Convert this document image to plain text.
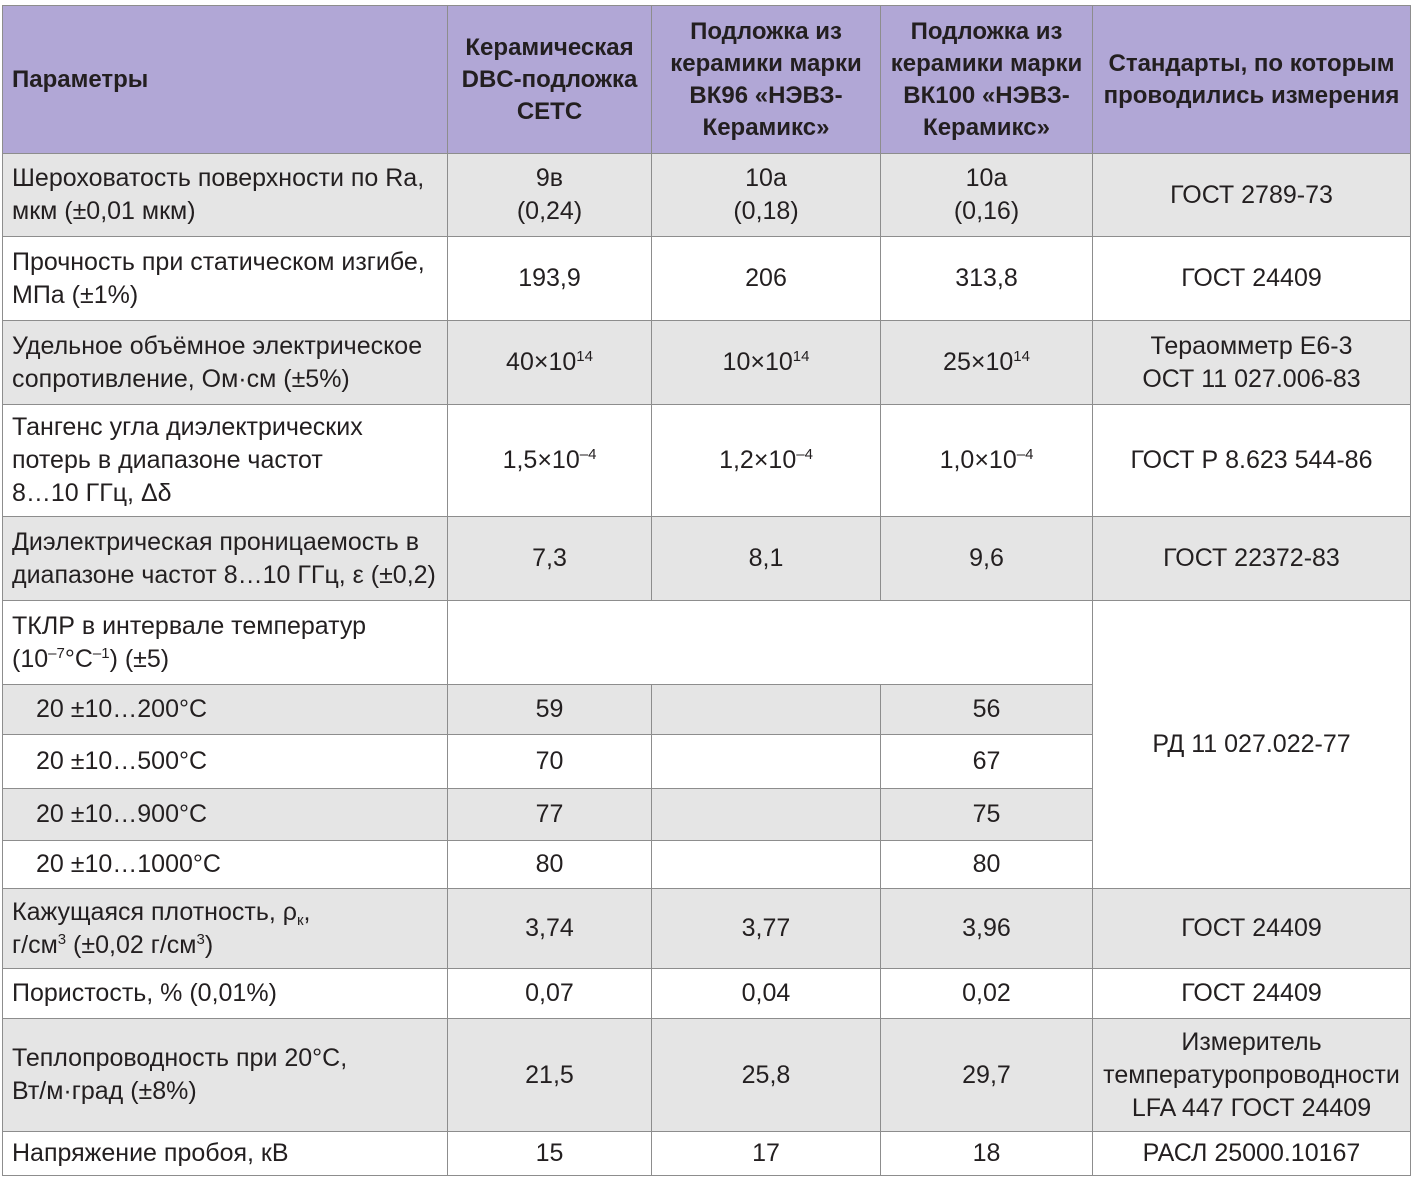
Параметры	Керамическая
DBC-подложка
CETC	Подложка из
керамики марки
ВК96 «НЭВЗ-
Керамикс»	Подложка из
керамики марки
ВК100 «НЭВЗ-
Керамикс»	Стандарты, по которым
проводились измерения

Шероховатость поверхности по Ra,
мкм (±0,01 мкм)	9в
(0,24)	10а
(0,18)	10а
(0,16)	ГОСТ 2789-73

Прочность при статическом изгибе,
МПа (±1%)	193,9	206	313,8	ГОСТ 24409

Удельное объёмное электрическое
сопротивление, Ом·см (±5%)	$40\times 10^{14}$	$10\times 10^{14}$	$25\times 10^{14}$	Тераомметр Е6-3
ОСТ 11 027.006-83

Тангенс угла диэлектрических
потерь в диапазоне частот
8…10 ГГц, Δδ	$1,5\times 10^{-4}$	$1,2\times 10^{-4}$	$1,0\times 10^{-4}$	ГОСТ Р 8.623 544-86

Диэлектрическая проницаемость в
диапазоне частот 8…10 ГГц, ε (±0,2)	7,3	8,1	9,6	ГОСТ 22372-83

ТКЛР в интервале температур
$(10^{-7}^\circ С^{-1})$ (±5)				РД 11 027.022-77
20 ±10…200°С	59		56	
20 ±10…500°С	70		67	
20 ±10…900°С	77		75	
20 ±10…1000°С	80		80	

Кажущаяся плотность, $\rho_к$,
$г/см^3$ (±0,02 $г/см^3$)	3,74	3,77	3,96	ГОСТ 24409
Пористость, % (0,01%)	0,07	0,04	0,02	ГОСТ 24409

Теплопроводность при 20°С,
Вт/м·град (±8%)	21,5	25,8	29,7	Измеритель
температуропроводности
LFA 447 ГОСТ 24409

Напряжение пробоя, кВ	15	17	18	РАСЛ 25000.10167
